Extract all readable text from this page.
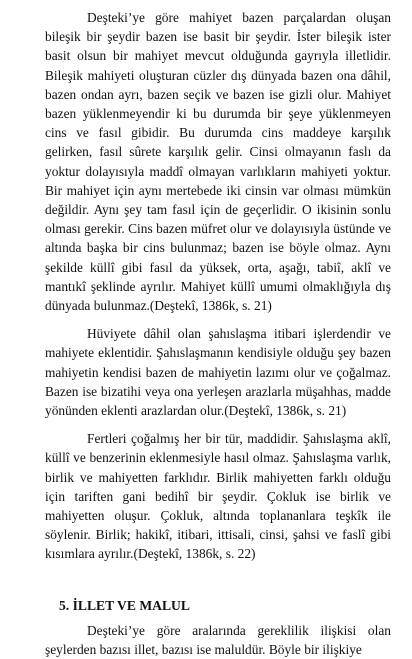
Deşteki’ye göre mahiyet bazen parçalardan oluşan bileşik bir şeydir bazen ise basit bir şeydir. İster bileşik ister basit olsun bir mahiyet mevcut olduğunda gayrıyla illetlidir. Bileşik mahiyeti oluşturan cüzler dış dünyada bazen ona dâhil, bazen ondan ayrı, bazen seçik ve bazen ise gizli olur. Mahiyet bazen yüklenmeyendir ki bu durumda bir şeye yüklenmeyen cins ve fasıl gibidir. Bu durumda cins maddeye karşılık gelirken, fasıl sûrete karşılık gelir. Cinsi olmayanın faslı da yoktur dolayısıyla maddî olmayan varlıkların mahiyeti yoktur. Bir mahiyet için aynı mertebede iki cinsin var olması mümkün değildir. Aynı şey tam fasıl için de geçerlidir. O ikisinin sonlu olması gerekir. Cins bazen müfret olur ve dolayısıyla üstünde ve altında başka bir cins bulunmaz; bazen ise böyle olmaz. Aynı şekilde küllî gibi fasıl da yüksek, orta, aşağı, tabiî, aklî ve mantıkî şeklinde ayrılır. Mahiyet küllî umumi olmaklığıyla dış dünyada bulunmaz.(Deştekî, 1386k, s. 21)

Hüviyete dâhil olan şahıslaşma itibari işlerdendir ve mahiyete eklentidir. Şahıslaşmanın kendisiyle olduğu şey bazen mahiyetin kendisi bazen de mahiyetin lazımı olur ve çoğalmaz. Bazen ise bizatihi veya ona yerleşen arazlarla müşahhas, madde yönünden eklenti arazlardan olur.(Deştekî, 1386k, s. 21)

Fertleri çoğalmış her bir tür, maddidir. Şahıslaşma aklî, küllî ve benzerinin eklenmesiyle hasıl olmaz. Şahıslaşma varlık, birlik ve mahiyetten farklıdır. Birlik mahiyetten farklı olduğu için tariften gani bedihî bir şeydir. Çokluk ise birlik ve mahiyetten oluşur. Çokluk, altında toplananlara teşkîk ile söylenir. Birlik; hakikî, itibari, ittisali, cinsi, şahsi ve faslî gibi kısımlara ayrılır.(Deştekî, 1386k, s. 22)

5. İLLET VE MALUL

Deşteki’ye göre aralarında gereklilik ilişkisi olan şeylerden bazısı illet, bazısı ise maluldür. Böyle bir ilişkiye
